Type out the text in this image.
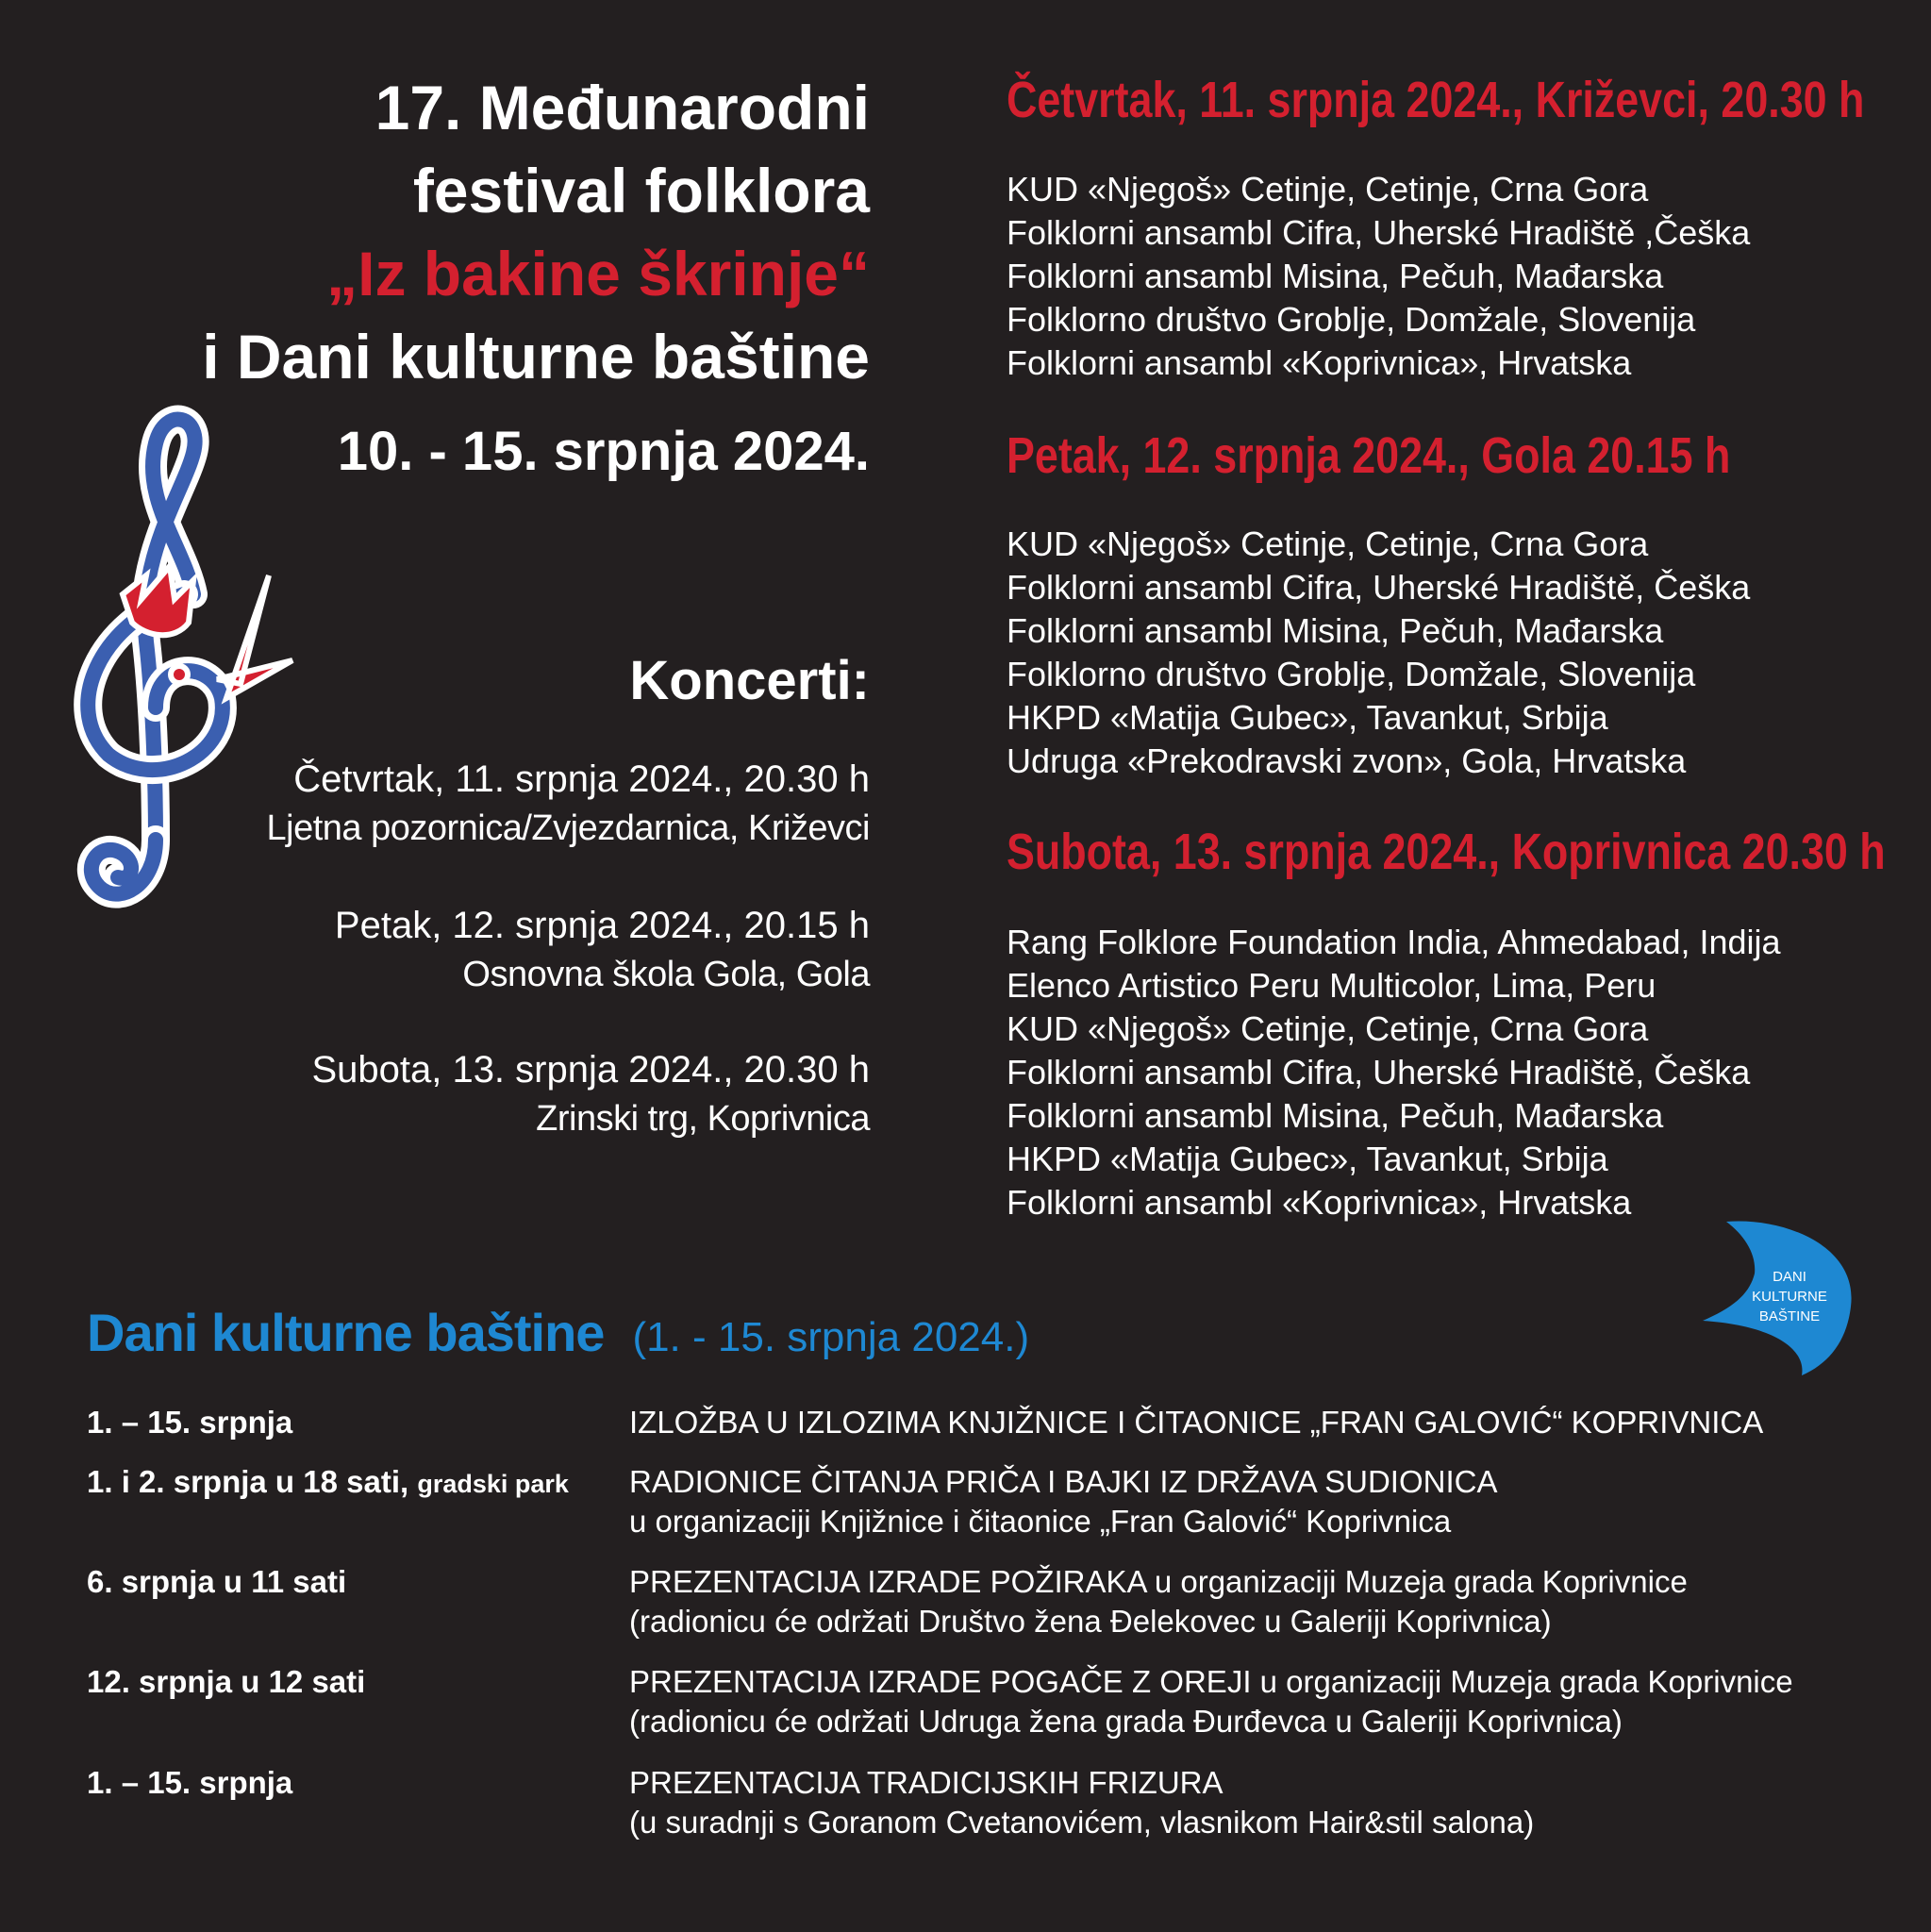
17. Međunarodni
festival folklora
„Iz bakine škrinje“
i Dani kulturne baštine
10. - 15. srpnja 2024.
Koncerti:
Četvrtak, 11. srpnja 2024., 20.30 h
Ljetna pozornica/Zvjezdarnica, Križevci
Petak, 12. srpnja 2024., 20.15 h
Osnovna škola Gola, Gola
Subota, 13. srpnja 2024., 20.30 h
Zrinski trg, Koprivnica
Četvrtak, 11. srpnja 2024., Križevci, 20.30 h
KUD «Njegoš» Cetinje, Cetinje, Crna Gora
Folklorni ansambl Cifra, Uherské Hradiště ,Češka
Folklorni ansambl Misina, Pečuh, Mađarska
Folklorno društvo Groblje, Domžale, Slovenija
Folklorni ansambl «Koprivnica», Hrvatska
Petak, 12. srpnja 2024., Gola 20.15 h
KUD «Njegoš» Cetinje, Cetinje, Crna Gora
Folklorni ansambl Cifra, Uherské Hradiště, Češka
Folklorni ansambl Misina, Pečuh, Mađarska
Folklorno društvo Groblje, Domžale, Slovenija
HKPD «Matija Gubec», Tavankut, Srbija
Udruga «Prekodravski zvon», Gola, Hrvatska
Subota, 13. srpnja 2024., Koprivnica 20.30 h
Rang Folklore Foundation India, Ahmedabad, Indija
Elenco Artistico Peru Multicolor, Lima, Peru
KUD «Njegoš» Cetinje, Cetinje, Crna Gora
Folklorni ansambl Cifra, Uherské Hradiště, Češka
Folklorni ansambl Misina, Pečuh, Mađarska
HKPD «Matija Gubec», Tavankut, Srbija
Folklorni ansambl «Koprivnica», Hrvatska
DANI
KULTURNE
BAŠTINE
Dani kulturne baštine (1. - 15. srpnja 2024.)
1. – 15. srpnja	IZLOŽBA U IZLOZIMA KNJIŽNICE I ČITAONICE „FRAN GALOVIĆ“ KOPRIVNICA
1. i 2. srpnja u 18 sati, gradski park	RADIONICE ČITANJA PRIČA I BAJKI IZ DRŽAVA SUDIONICA
u organizaciji Knjižnice i čitaonice „Fran Galović“ Koprivnica
6. srpnja u 11 sati	PREZENTACIJA IZRADE POŽIRAKA u organizaciji Muzeja grada Koprivnice
(radionicu će održati Društvo žena Đelekovec u Galeriji Koprivnica)
12. srpnja u 12 sati	PREZENTACIJA IZRADE POGAČE Z OREJI u organizaciji Muzeja grada Koprivnice
(radionicu će održati Udruga žena grada Đurđevca u Galeriji Koprivnica)
1. – 15. srpnja	PREZENTACIJA TRADICIJSKIH FRIZURA
(u suradnji s Goranom Cvetanovićem, vlasnikom Hair&stil salona)
